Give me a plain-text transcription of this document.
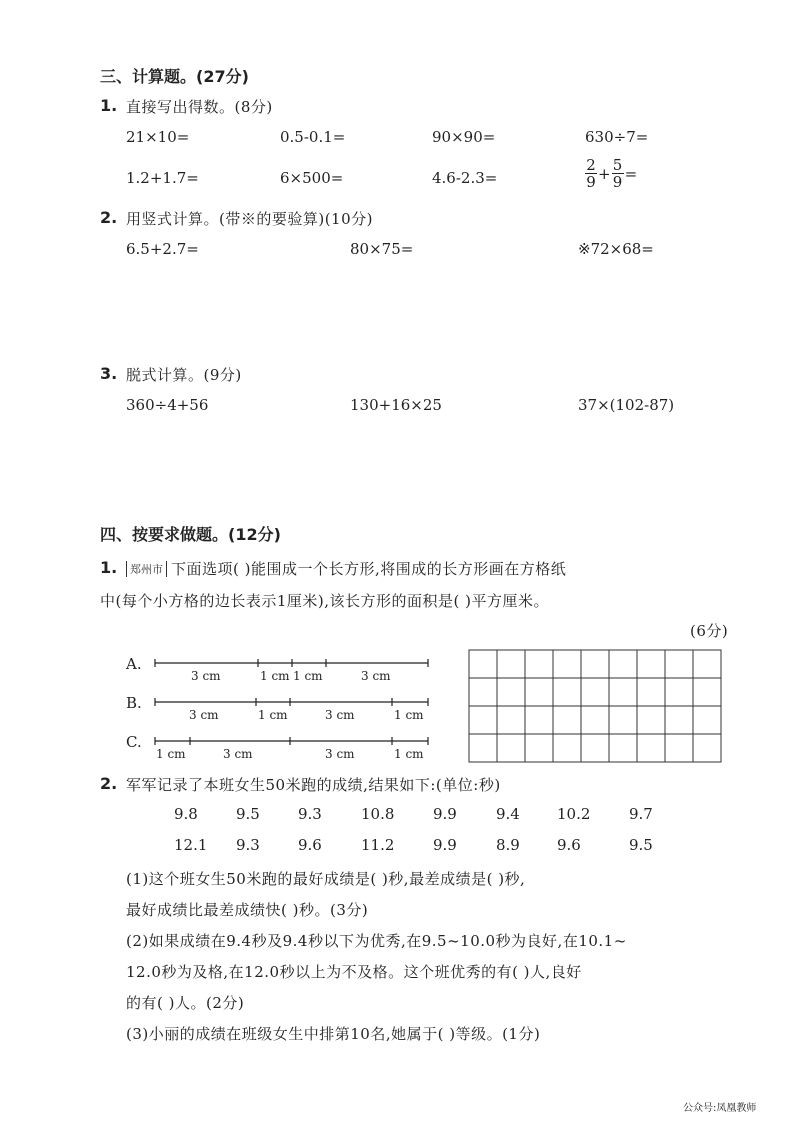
三、计算题。(27分)
1. 直接写出得数。(8分)
21×10=	0.5-0.1=	90×90=	630÷7=
1.2+1.7=	6×500=	4.6-2.3=	$\frac{2}{9} + \frac{5}{9}$ =
2. 用竖式计算。(带※的要验算)(10分)
6.5+2.7=	80×75=	※72×68=
3. 脱式计算。(9分)
360÷4+56	130+16×25	37×(102-87)
四、按要求做题。(12分)
1.	郑州市 下面选项( )能围成一个长方形,将围成的长方形画在方格纸
中(每个小方格的边长表示1厘米),该长方形的面积是( )平方厘米。
(6分)
A.
B.
C.
3 cm	1 cm 1 cm	3 cm
3 cm	1 cm	3 cm	1 cm
1 cm	3 cm	3 cm	1 cm
2. 军军记录了本班女生50米跑的成绩,结果如下:(单位:秒)
9.8	9.5	9.3	10.8	9.9	9.4 10.2	9.7
12.1 9.3	9.6	11.2	9.9	8.9 9.6	9.5
(1)这个班女生50米跑的最好成绩是( )秒,最差成绩是( )秒,
最好成绩比最差成绩快( )秒。(3分)
(2)如果成绩在9.4秒及9.4秒以下为优秀,在9.5~10.0秒为良好,在10.1~
12.0秒为及格,在12.0秒以上为不及格。这个班优秀的有( )人,良好
的有( )人。(2分)
(3)小丽的成绩在班级女生中排第10名,她属于( )等级。(1分)
公众号:凤凰教师
